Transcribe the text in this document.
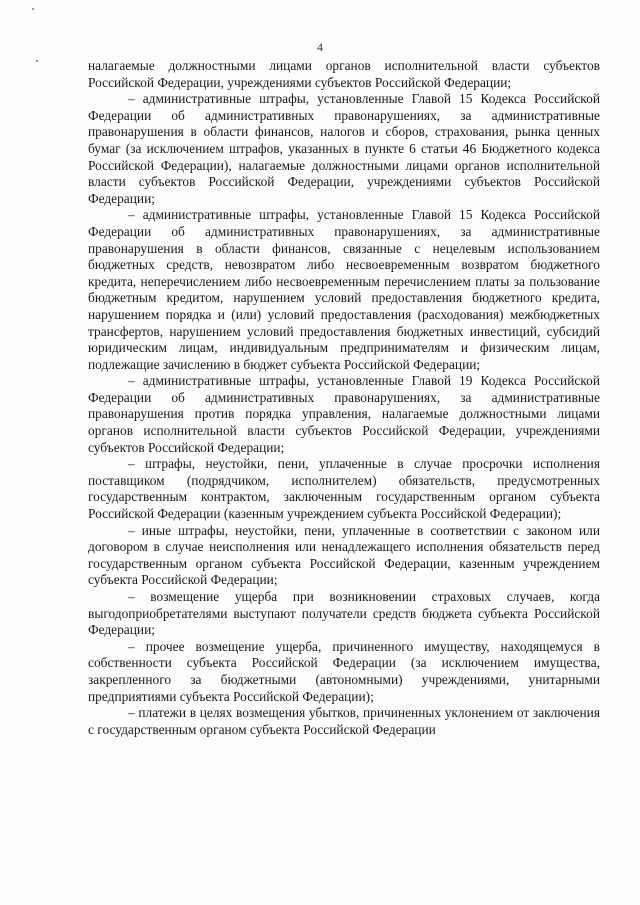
4

налагаемые должностными лицами органов исполнительной власти субъектов Российской Федерации, учреждениями субъектов Российской Федерации;

– административные штрафы, установленные Главой 15 Кодекса Российской Федерации об административных правонарушениях, за административные правонарушения в области финансов, налогов и сборов, страхования, рынка ценных бумаг (за исключением штрафов, указанных в пункте 6 статьи 46 Бюджетного кодекса Российской Федерации), налагаемые должностными лицами органов исполнительной власти субъектов Российской Федерации, учреждениями субъектов Российской Федерации;

– административные штрафы, установленные Главой 15 Кодекса Российской Федерации об административных правонарушениях, за административные правонарушения в области финансов, связанные с нецелевым использованием бюджетных средств, невозвратом либо несвоевременным возвратом бюджетного кредита, неперечислением либо несвоевременным перечислением платы за пользование бюджетным кредитом, нарушением условий предоставления бюджетного кредита, нарушением порядка и (или) условий предоставления (расходования) межбюджетных трансфертов, нарушением условий предоставления бюджетных инвестиций, субсидий юридическим лицам, индивидуальным предпринимателям и физическим лицам, подлежащие зачислению в бюджет субъекта Российской Федерации;

– административные штрафы, установленные Главой 19 Кодекса Российской Федерации об административных правонарушениях, за административные правонарушения против порядка управления, налагаемые должностными лицами органов исполнительной власти субъектов Российской Федерации, учреждениями субъектов Российской Федерации;

– штрафы, неустойки, пени, уплаченные в случае просрочки исполнения поставщиком (подрядчиком, исполнителем) обязательств, предусмотренных государственным контрактом, заключенным государственным органом субъекта Российской Федерации (казенным учреждением субъекта Российской Федерации);

– иные штрафы, неустойки, пени, уплаченные в соответствии с законом или договором в случае неисполнения или ненадлежащего исполнения обязательств перед государственным органом субъекта Российской Федерации, казенным учреждением субъекта Российской Федерации;

– возмещение ущерба при возникновении страховых случаев, когда выгодоприобретателями выступают получатели средств бюджета субъекта Российской Федерации;

– прочее возмещение ущерба, причиненного имуществу, находящемуся в собственности субъекта Российской Федерации (за исключением имущества, закрепленного за бюджетными (автономными) учреждениями, унитарными предприятиями субъекта Российской Федерации);

– платежи в целях возмещения убытков, причиненных уклонением от заключения с государственным органом субъекта Российской Федерации
